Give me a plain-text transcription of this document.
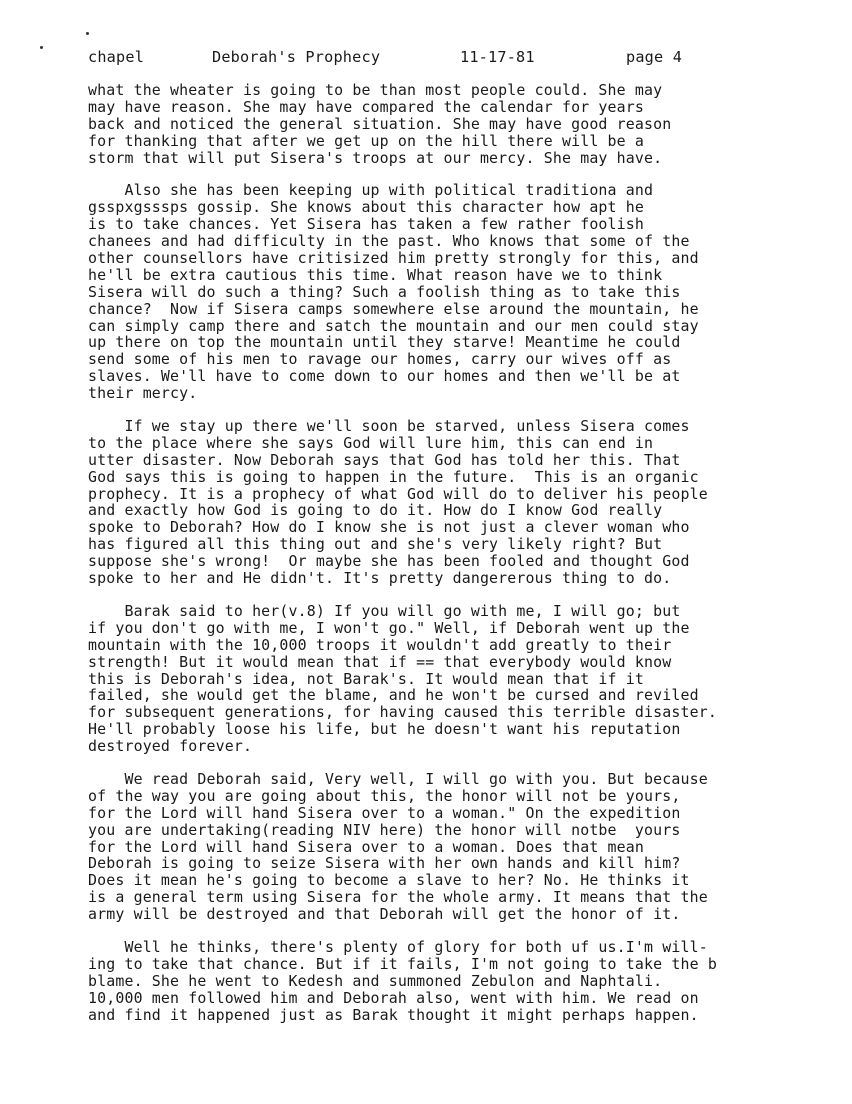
chapel	Deborah's Prophecy	11-17-81	page 4
what the wheater is going to be than most people could. She may
may have reason. She may have compared the calendar for years
back and noticed the general situation. She may have good reason
for thanking that after we get up on the hill there will be a
storm that will put Sisera's troops at our mercy. She may have.
Also she has been keeping up with political traditiona and
gsspxgsssps gossip. She knows about this character how apt he
is to take chances. Yet Sisera has taken a few rather foolish
chanees and had difficulty in the past. Who knows that some of the
other counsellors have critisized him pretty strongly for this, and
he'll be extra cautious this time. What reason have we to think
Sisera will do such a thing? Such a foolish thing as to take this
chance?  Now if Sisera camps somewhere else around the mountain, he
can simply camp there and satch the mountain and our men could stay
up there on top the mountain until they starve! Meantime he could
send some of his men to ravage our homes, carry our wives off as
slaves. We'll have to come down to our homes and then we'll be at
their mercy.
If we stay up there we'll soon be starved, unless Sisera comes
to the place where she says God will lure him, this can end in
utter disaster. Now Deborah says that God has told her this. That
God says this is going to happen in the future.  This is an organic
prophecy. It is a prophecy of what God will do to deliver his people
and exactly how God is going to do it. How do I know God really
spoke to Deborah? How do I know she is not just a clever woman who
has figured all this thing out and she's very likely right? But
suppose she's wrong!  Or maybe she has been fooled and thought God
spoke to her and He didn't. It's pretty dangererous thing to do.
Barak said to her(v.8) If you will go with me, I will go; but
if you don't go with me, I won't go." Well, if Deborah went up the
mountain with the 10,000 troops it wouldn't add greatly to their
strength! But it would mean that if == that everybody would know
this is Deborah's idea, not Barak's. It would mean that if it
failed, she would get the blame, and he won't be cursed and reviled
for subsequent generations, for having caused this terrible disaster.
He'll probably loose his life, but he doesn't want his reputation
destroyed forever.
We read Deborah said, Very well, I will go with you. But because
of the way you are going about this, the honor will not be yours,
for the Lord will hand Sisera over to a woman." On the expedition
you are undertaking(reading NIV here) the honor will notbe  yours
for the Lord will hand Sisera over to a woman. Does that mean
Deborah is going to seize Sisera with her own hands and kill him?
Does it mean he's going to become a slave to her? No. He thinks it
is a general term using Sisera for the whole army. It means that the
army will be destroyed and that Deborah will get the honor of it.
Well he thinks, there's plenty of glory for both uf us.I'm will-
ing to take that chance. But if it fails, I'm not going to take the b
blame. She he went to Kedesh and summoned Zebulon and Naphtali.
10,000 men followed him and Deborah also, went with him. We read on
and find it happened just as Barak thought it might perhaps happen.
